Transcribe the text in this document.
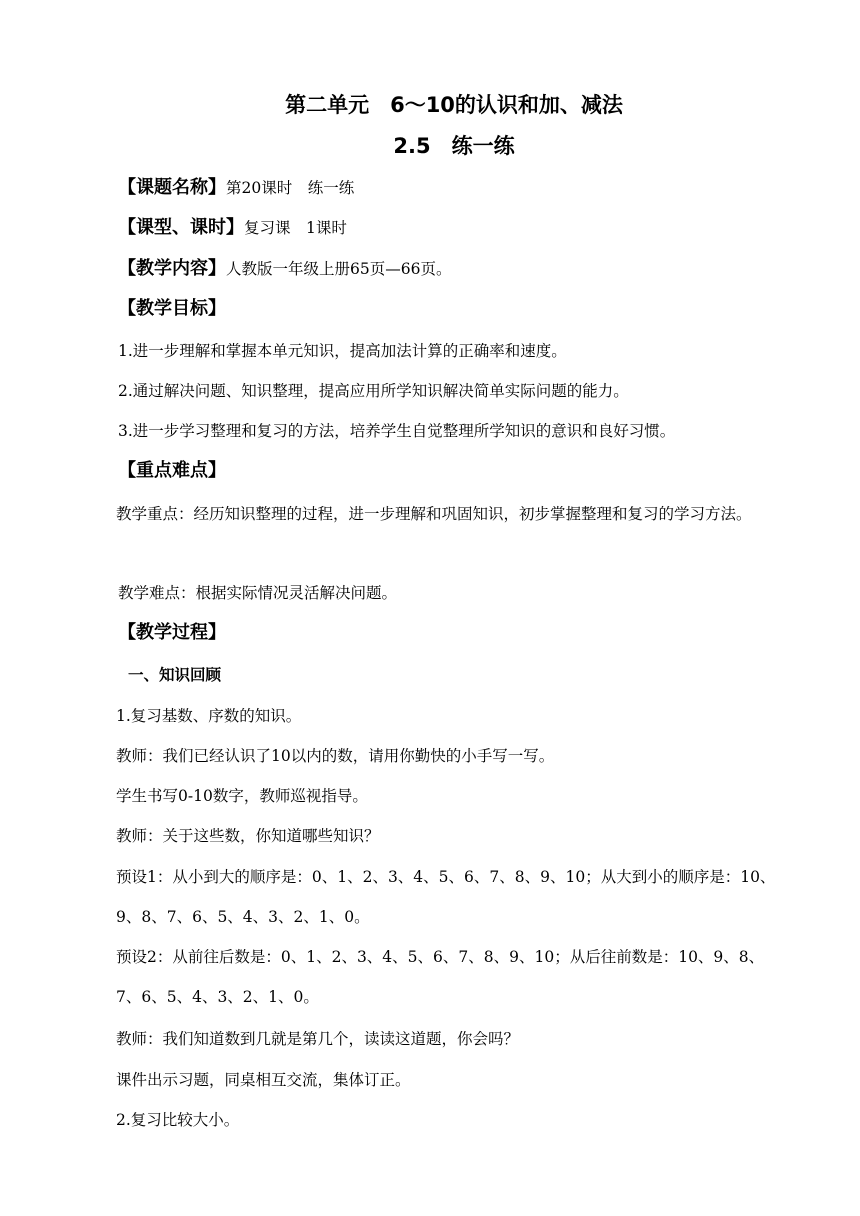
第二单元　6～10的认识和加、减法
2.5　练一练
【课题名称】第20课时　练一练
【课型、课时】复习课　1课时
【教学内容】人教版一年级上册65页—66页。
【教学目标】
1.进一步理解和掌握本单元知识，提高加法计算的正确率和速度。
2.通过解决问题、知识整理，提高应用所学知识解决简单实际问题的能力。
3.进一步学习整理和复习的方法，培养学生自觉整理所学知识的意识和良好习惯。
【重点难点】
教学重点：经历知识整理的过程，进一步理解和巩固知识，初步掌握整理和复习的学习方法。
教学难点：根据实际情况灵活解决问题。
【教学过程】
一、知识回顾
1.复习基数、序数的知识。
教师：我们已经认识了10以内的数，请用你勤快的小手写一写。
学生书写0-10数字，教师巡视指导。
教师：关于这些数，你知道哪些知识？
预设1：从小到大的顺序是：0、1、2、3、4、5、6、7、8、9、10；从大到小的顺序是：10、9、8、7、6、5、4、3、2、1、0。
预设2：从前往后数是：0、1、2、3、4、5、6、7、8、9、10；从后往前数是：10、9、8、7、6、5、4、3、2、1、0。
教师：我们知道数到几就是第几个，读读这道题，你会吗？
课件出示习题，同桌相互交流，集体订正。
2.复习比较大小。
